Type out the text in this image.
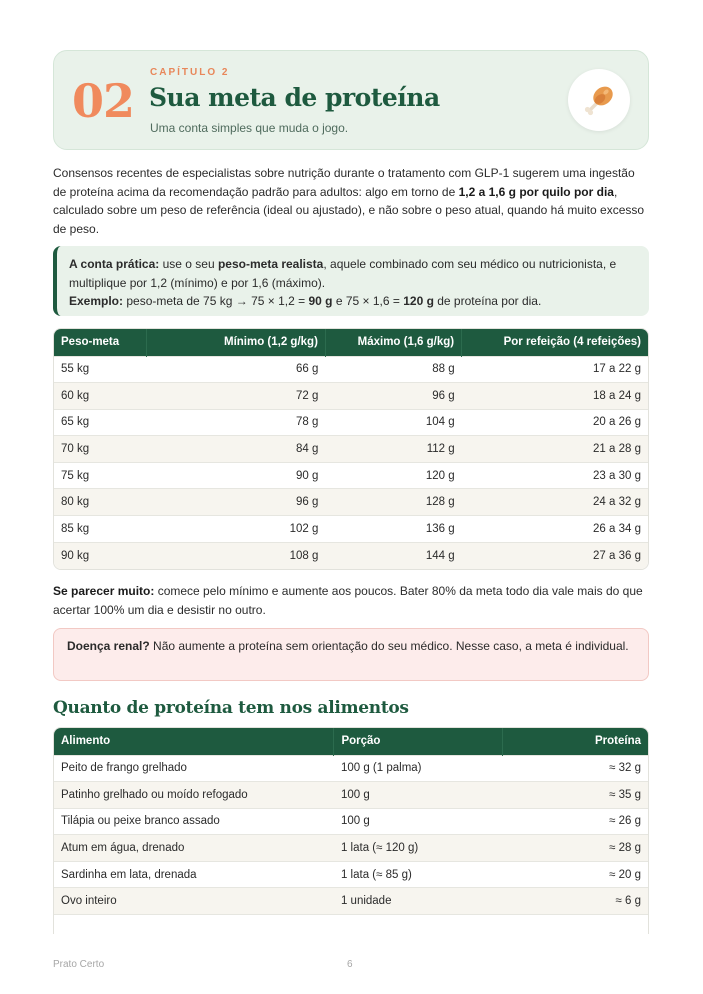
02
CAPÍTULO 2
Sua meta de proteína
Uma conta simples que muda o jogo.
Consensos recentes de especialistas sobre nutrição durante o tratamento com GLP-1 sugerem uma ingestão de proteína acima da recomendação padrão para adultos: algo em torno de 1,2 a 1,6 g por quilo por dia, calculado sobre um peso de referência (ideal ou ajustado), e não sobre o peso atual, quando há muito excesso de peso.
A conta prática: use o seu peso-meta realista, aquele combinado com seu médico ou nutricionista, e multiplique por 1,2 (mínimo) e por 1,6 (máximo).
Exemplo: peso-meta de 75 kg → 75 × 1,2 = 90 g e 75 × 1,6 = 120 g de proteína por dia.
Peso-meta	Mínimo (1,2 g/kg)	Máximo (1,6 g/kg)	Por refeição (4 refeições)
55 kg	66 g	88 g	17 a 22 g
60 kg	72 g	96 g	18 a 24 g
65 kg	78 g	104 g	20 a 26 g
70 kg	84 g	112 g	21 a 28 g
75 kg	90 g	120 g	23 a 30 g
80 kg	96 g	128 g	24 a 32 g
85 kg	102 g	136 g	26 a 34 g
90 kg	108 g	144 g	27 a 36 g
Se parecer muito: comece pelo mínimo e aumente aos poucos. Bater 80% da meta todo dia vale mais do que acertar 100% um dia e desistir no outro.
Doença renal? Não aumente a proteína sem orientação do seu médico. Nesse caso, a meta é individual.
Quanto de proteína tem nos alimentos
Alimento	Porção	Proteína
Peito de frango grelhado	100 g (1 palma)	≈ 32 g
Patinho grelhado ou moído refogado	100 g	≈ 35 g
Tilápia ou peixe branco assado	100 g	≈ 26 g
Atum em água, drenado	1 lata (≈ 120 g)	≈ 28 g
Sardinha em lata, drenada	1 lata (≈ 85 g)	≈ 20 g
Ovo inteiro	1 unidade	≈ 6 g

Prato Certo	6
